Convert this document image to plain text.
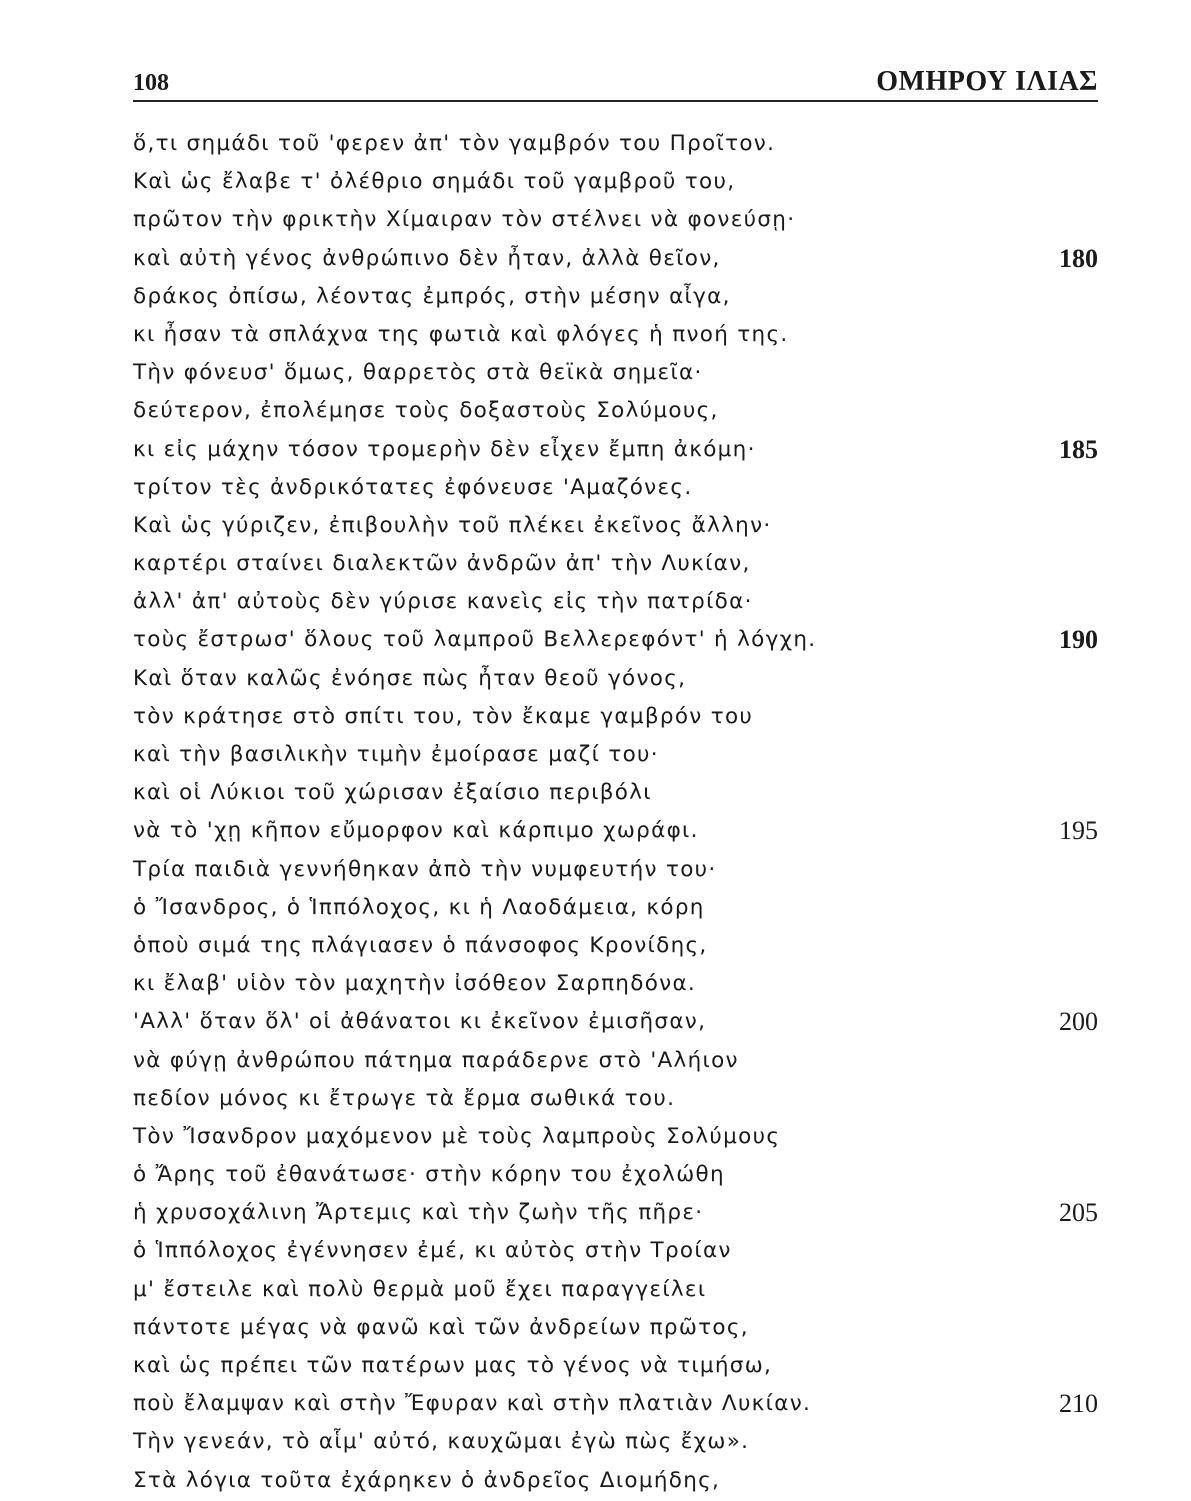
108	ΟΜΗΡΟΥ ΙΛΙΑΣ
ὅ,τι σημάδι τοῦ 'φερεν ἀπ' τὸν γαμβρόν του Προῖτον.
Καὶ ὡς ἔλαβε τ' ὀλέθριο σημάδι τοῦ γαμβροῦ του,
πρῶτον τὴν φρικτὴν Χίμαιραν τὸν στέλνει νὰ φονεύσῃ·
καὶ αὐτὴ γένος ἀνθρώπινο δὲν ἦταν, ἀλλὰ θεῖον,	180
δράκος ὀπίσω, λέοντας ἐμπρός, στὴν μέσην αἶγα,
κι ἦσαν τὰ σπλάχνα της φωτιὰ καὶ φλόγες ἡ πνοή της.
Τὴν φόνευσ' ὅμως, θαρρετὸς στὰ θεϊκὰ σημεῖα·
δεύτερον, ἐπολέμησε τοὺς δοξαστοὺς Σολύμους,
κι εἰς μάχην τόσον τρομερὴν δὲν εἶχεν ἔμπη ἀκόμη·	185
τρίτον τὲς ἀνδρικότατες ἐφόνευσε 'Αμαζόνες.
Καὶ ὡς γύριζεν, ἐπιβουλὴν τοῦ πλέκει ἐκεῖνος ἄλλην·
καρτέρι σταίνει διαλεκτῶν ἀνδρῶν ἀπ' τὴν Λυκίαν,
ἀλλ' ἀπ' αὐτοὺς δὲν γύρισε κανεὶς εἰς τὴν πατρίδα·
τοὺς ἔστρωσ' ὅλους τοῦ λαμπροῦ Βελλερεφόντ' ἡ λόγχη.	190
Καὶ ὅταν καλῶς ἐνόησε πὼς ἦταν θεοῦ γόνος,
τὸν κράτησε στὸ σπίτι του, τὸν ἔκαμε γαμβρόν του
καὶ τὴν βασιλικὴν τιμὴν ἐμοίρασε μαζί του·
καὶ οἱ Λύκιοι τοῦ χώρισαν ἐξαίσιο περιβόλι
νὰ τὸ 'χῃ κῆπον εὔμορφον καὶ κάρπιμο χωράφι.	195
Τρία παιδιὰ γεννήθηκαν ἀπὸ τὴν νυμφευτήν του·
ὁ Ἴσανδρος, ὁ Ἱππόλοχος, κι ἡ Λαοδάμεια, κόρη
ὁποὺ σιμά της πλάγιασεν ὁ πάνσοφος Κρονίδης,
κι ἔλαβ' υἱὸν τὸν μαχητὴν ἰσόθεον Σαρπηδόνα.
'Αλλ' ὅταν ὅλ' οἱ ἀθάνατοι κι ἐκεῖνον ἐμισῆσαν,	200
νὰ φύγῃ ἀνθρώπου πάτημα παράδερνε στὸ 'Αλήιον
πεδίον μόνος κι ἔτρωγε τὰ ἔρμα σωθικά του.
Τὸν Ἴσανδρον μαχόμενον μὲ τοὺς λαμπροὺς Σολύμους
ὁ Ἄρης τοῦ ἐθανάτωσε· στὴν κόρην του ἐχολώθη
ἡ χρυσοχάλινη Ἄρτεμις καὶ τὴν ζωὴν τῆς πῆρε·	205
ὁ Ἱππόλοχος ἐγέννησεν ἐμέ, κι αὐτὸς στὴν Τροίαν
μ' ἔστειλε καὶ πολὺ θερμὰ μοῦ ἔχει παραγγείλει
πάντοτε μέγας νὰ φανῶ καὶ τῶν ἀνδρείων πρῶτος,
καὶ ὡς πρέπει τῶν πατέρων μας τὸ γένος νὰ τιμήσω,
ποὺ ἔλαμψαν καὶ στὴν Ἔφυραν καὶ στὴν πλατιὰν Λυκίαν.	210
Τὴν γενεάν, τὸ αἷμ' αὐτό, καυχῶμαι ἐγὼ πὼς ἔχω».
Στὰ λόγια τοῦτα ἐχάρηκεν ὁ ἀνδρεῖος Διομήδης,
